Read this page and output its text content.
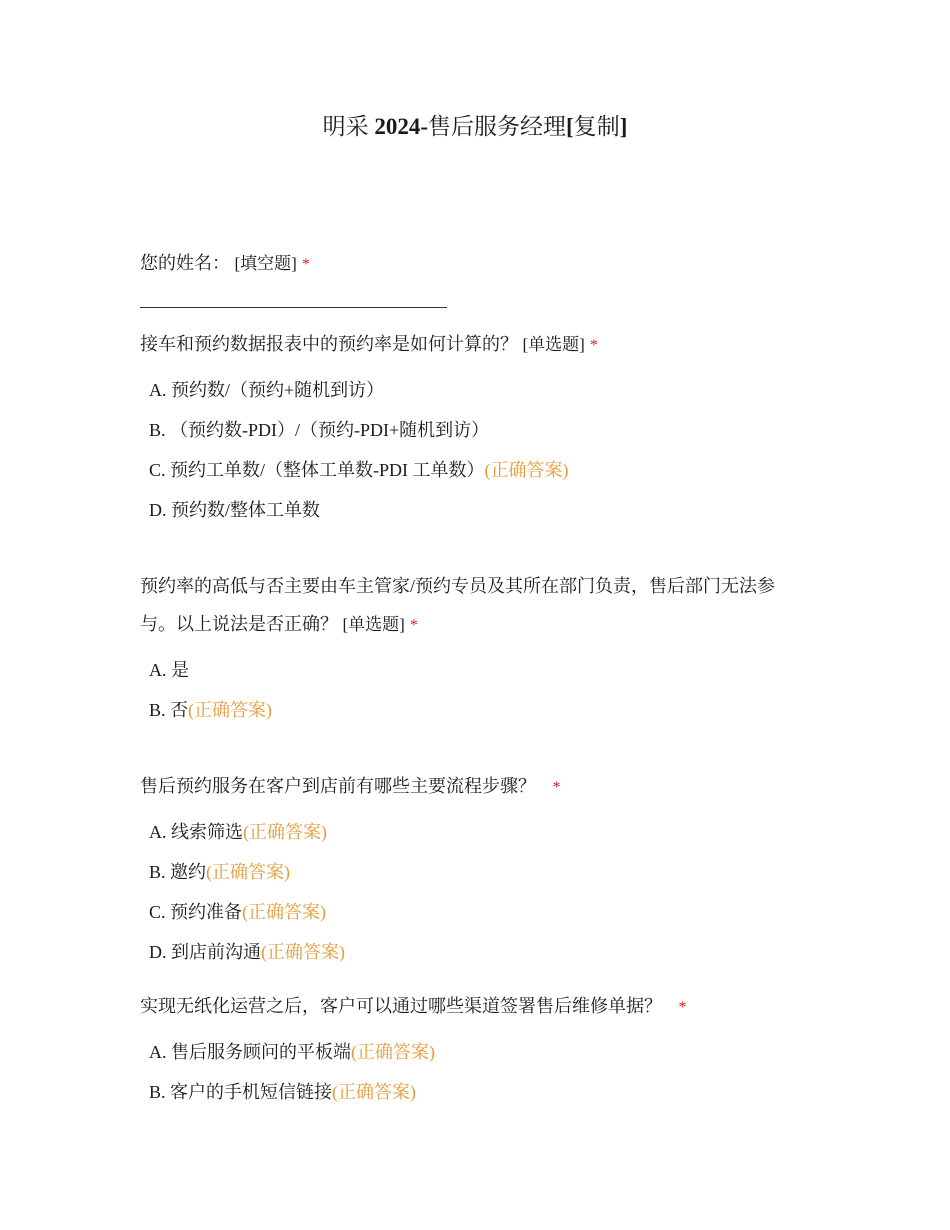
明采 2024-售后服务经理[复制]
您的姓名： [填空题] *
接车和预约数据报表中的预约率是如何计算的？ [单选题] *
A. 预约数/（预约+随机到访）
B. （预约数-PDI）/（预约-PDI+随机到访）
C. 预约工单数/（整体工单数-PDI 工单数）(正确答案)
D. 预约数/整体工单数
预约率的高低与否主要由车主管家/预约专员及其所在部门负责，售后部门无法参与。以上说法是否正确？ [单选题] *
A. 是
B. 否(正确答案)
售后预约服务在客户到店前有哪些主要流程步骤？ *
A. 线索筛选(正确答案)
B. 邀约(正确答案)
C. 预约准备(正确答案)
D. 到店前沟通(正确答案)
实现无纸化运营之后，客户可以通过哪些渠道签署售后维修单据？ *
A. 售后服务顾问的平板端(正确答案)
B. 客户的手机短信链接(正确答案)
